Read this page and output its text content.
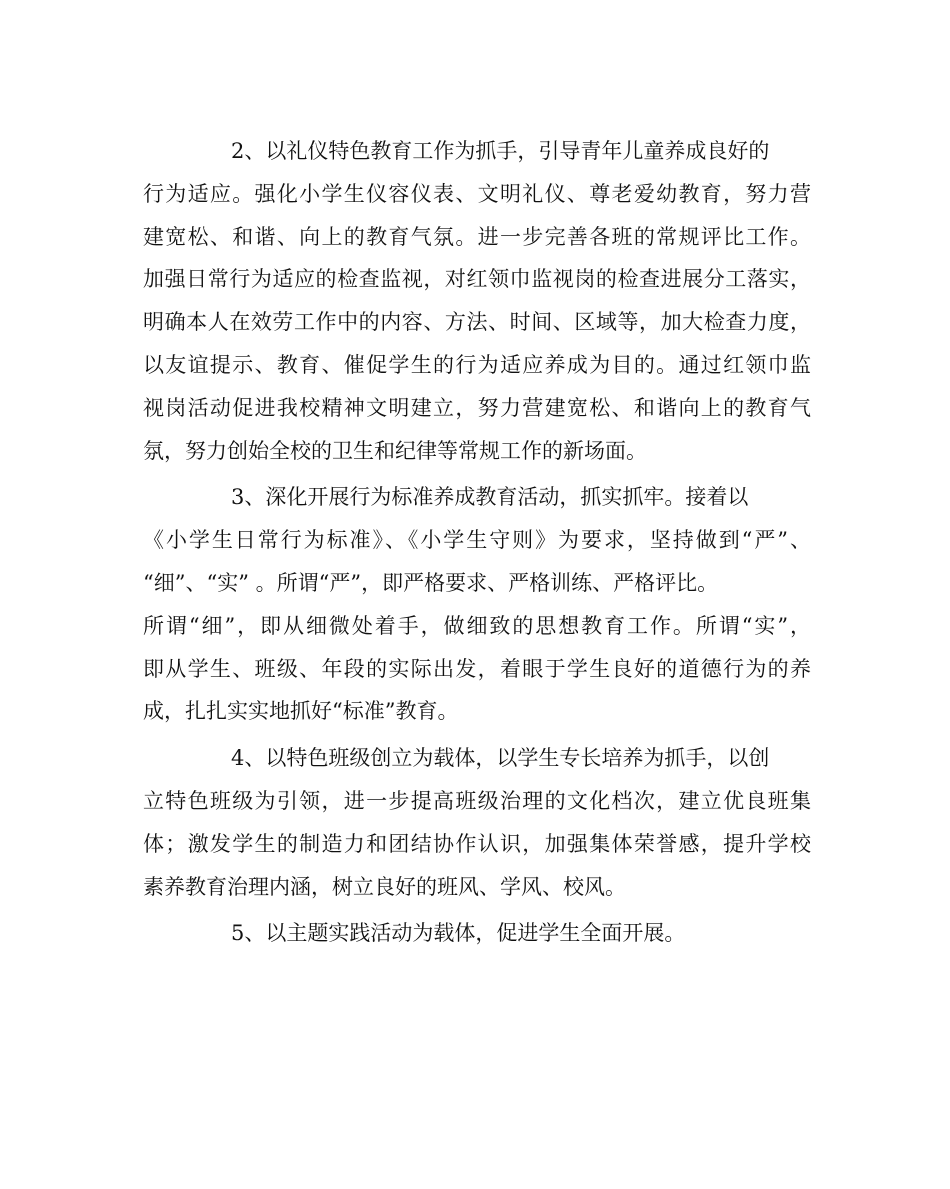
2、以礼仪特色教育工作为抓手，引导青年儿童养成良好的
行为适应。强化小学生仪容仪表、文明礼仪、尊老爱幼教育，努力营
建宽松、和谐、向上的教育气氛。进一步完善各班的常规评比工作。
加强日常行为适应的检查监视，对红领巾监视岗的检查进展分工落实，
明确本人在效劳工作中的内容、方法、时间、区域等，加大检查力度，
以友谊提示、教育、催促学生的行为适应养成为目的。通过红领巾监
视岗活动促进我校精神文明建立，努力营建宽松、和谐向上的教育气
氛，努力创始全校的卫生和纪律等常规工作的新场面。
3、深化开展行为标准养成教育活动，抓实抓牢。接着以
《小学生日常行为标准》、《小学生守则》为要求，坚持做到“严”、
“细”、“实” 。所谓“严”，即严格要求、严格训练、严格评比。
所谓“细”，即从细微处着手，做细致的思想教育工作。所谓“实”，
即从学生、班级、年段的实际出发，着眼于学生良好的道德行为的养
成，扎扎实实地抓好“标准”教育。
4、以特色班级创立为载体，以学生专长培养为抓手，以创
立特色班级为引领，进一步提高班级治理的文化档次，建立优良班集
体；激发学生的制造力和团结协作认识，加强集体荣誉感，提升学校
素养教育治理内涵，树立良好的班风、学风、校风。
5、以主题实践活动为载体，促进学生全面开展。
